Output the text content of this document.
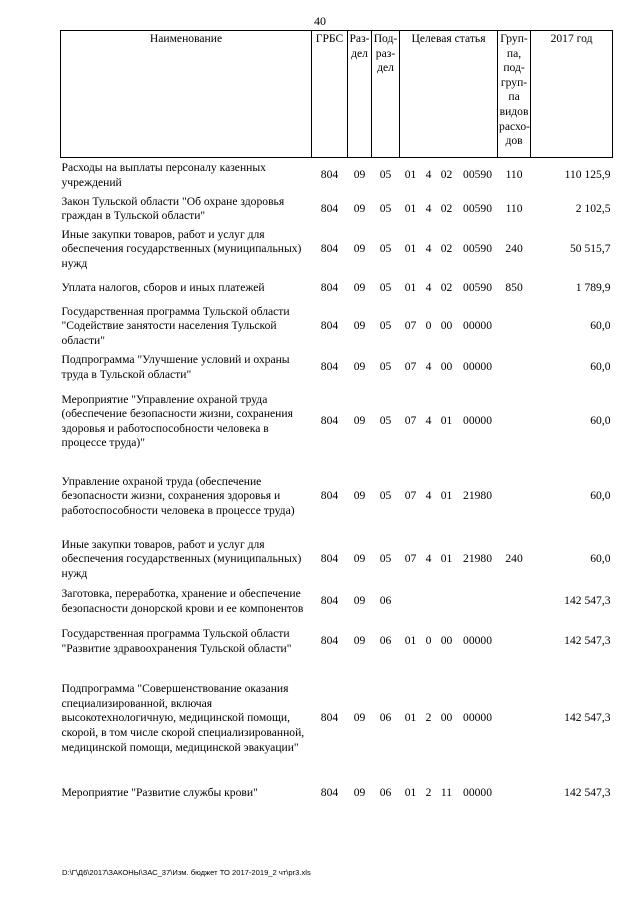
40
Наименование	ГРБС	Раз-дел	Под-раз-дел	Целевая статья				Груп-па, под-груп-па видов расхо-дов	2017 год
Расходы на выплаты персоналу казенных учреждений	804	09	05	01	4	02	00590	110	110 125,9
Закон Тульской области "Об охране здоровья граждан в Тульской области"	804	09	05	01	4	02	00590	110	2 102,5
Иные закупки товаров, работ и услуг для обеспечения государственных (муниципальных) нужд	804	09	05	01	4	02	00590	240	50 515,7
Уплата налогов, сборов и иных платежей	804	09	05	01	4	02	00590	850	1 789,9
Государственная программа Тульской области "Содействие занятости населения Тульской области"	804	09	05	07	0	00	00000		60,0
Подпрограмма "Улучшение условий и охраны труда в Тульской области"	804	09	05	07	4	00	00000		60,0
Мероприятие "Управление охраной труда (обеспечение безопасности жизни, сохранения здоровья и работоспособности человека в процессе труда)"	804	09	05	07	4	01	00000		60,0
Управление охраной труда (обеспечение безопасности жизни, сохранения здоровья и работоспособности человека в процессе труда)	804	09	05	07	4	01	21980		60,0
Иные закупки товаров, работ и услуг для обеспечения государственных (муниципальных) нужд	804	09	05	07	4	01	21980	240	60,0
Заготовка, переработка, хранение и обеспечение безопасности донорской крови и ее компонентов	804	09	06						142 547,3
Государственная программа Тульской области "Развитие здравоохранения Тульской области"	804	09	06	01	0	00	00000		142 547,3
Подпрограмма "Совершенствование оказания специализированной, включая высокотехнологичную, медицинской помощи, скорой, в том числе скорой специализированной, медицинской помощи, медицинской эвакуации"	804	09	06	01	2	00	00000		142 547,3
Мероприятие "Развитие службы крови"	804	09	06	01	2	11	00000		142 547,3
D:\Г\Д6\2017\ЗАКОНЫ\ЗАС_37\Изм. бюджет ТО 2017-2019_2 чт\pr3.xls
